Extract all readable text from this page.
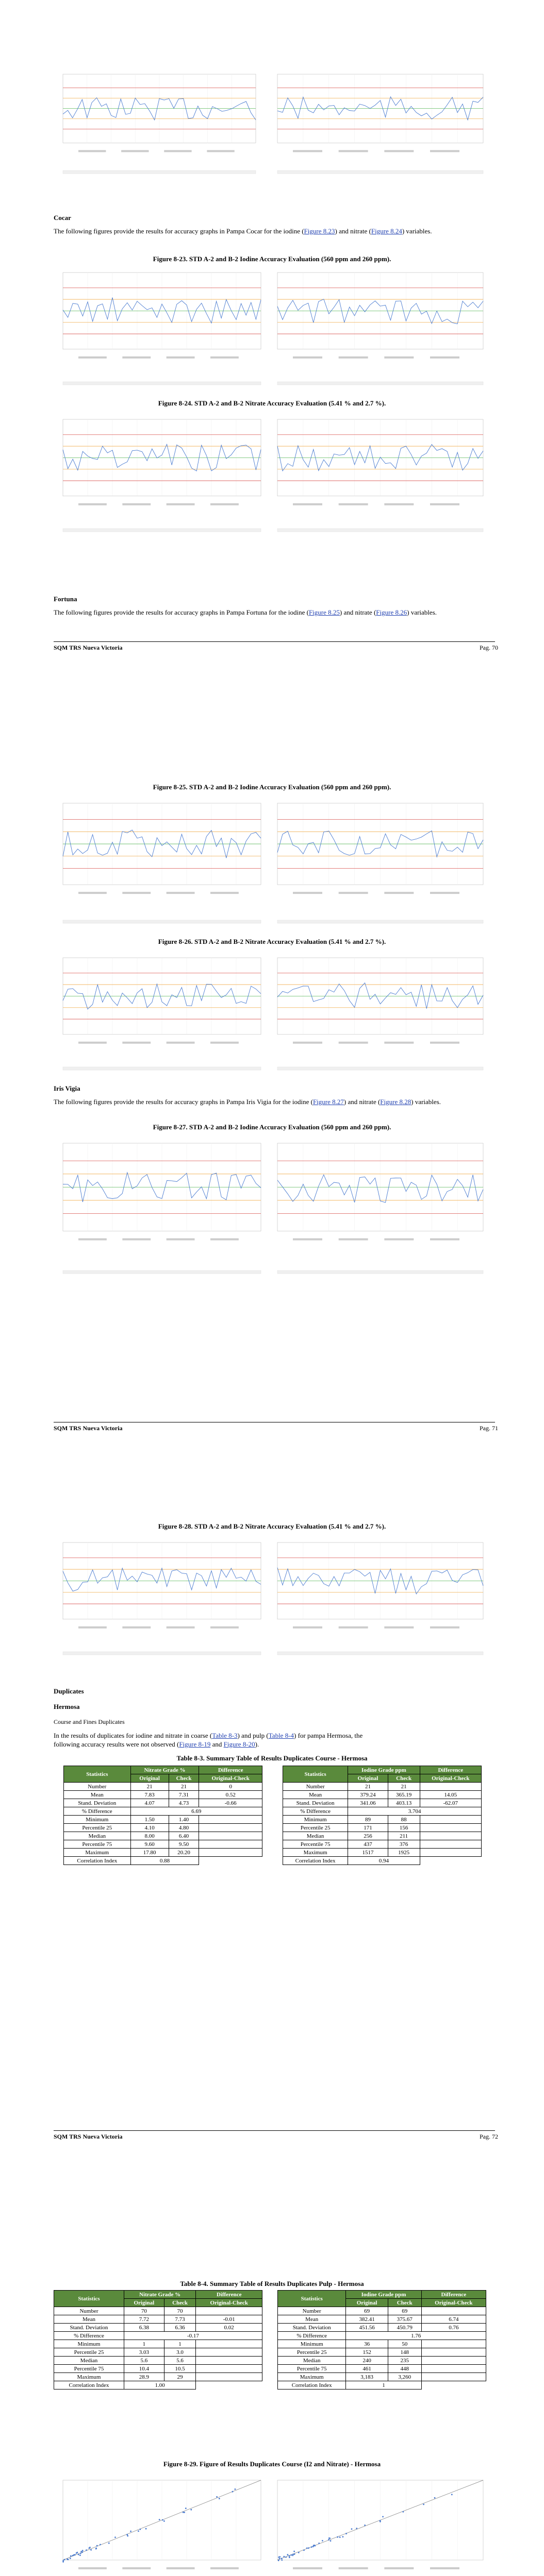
Cocar
The following figures provide the results for accuracy graphs in Pampa Cocar for the iodine (Figure 8.23) and nitrate (Figure 8.24) variables.
Figure 8-23. STD A-2 and B-2 Iodine Accuracy Evaluation (560 ppm and 260 ppm).
Figure 8-24. STD A-2 and B-2 Nitrate Accuracy Evaluation (5.41 % and 2.7 %).
Fortuna
The following figures provide the results for accuracy graphs in Pampa Fortuna for the iodine (Figure 8.25) and nitrate (Figure 8.26) variables.
SQM TRS Nueva Victoria	Pag. 70
Figure 8-25. STD A-2 and B-2 Iodine Accuracy Evaluation (560 ppm and 260 ppm).
Figure 8-26. STD A-2 and B-2 Nitrate Accuracy Evaluation (5.41 % and 2.7 %).
Iris Vigia
The following figures provide the results for accuracy graphs in Pampa Iris Vigia for the iodine (Figure 8.27) and nitrate (Figure 8.28) variables.
Figure 8-27. STD A-2 and B-2 Iodine Accuracy Evaluation (560 ppm and 260 ppm).
SQM TRS Nueva Victoria	Pag. 71
Figure 8-28. STD A-2 and B-2 Nitrate Accuracy Evaluation (5.41 % and 2.7 %).
Duplicates
Hermosa
Course and Fines Duplicates
In the results of duplicates for iodine and nitrate in coarse (Table 8-3) and pulp (Table 8-4) for pampa Hermosa, the
following accuracy results were not observed (Figure 8-19 and Figure 8-20).
Table 8-3. Summary Table of Results Duplicates Course - Hermosa
Statistics	Nitrate Grade %		Difference
	Original	Check	Original-Check
Number	21	21	0
Mean	7.83	7.31	0.52
Stand. Deviation	4.07	4.73	-0.66
% Difference	6.69		
Minimum	1.50	1.40	
Percentile 25	4.10	4.80	
Median	8.00	6.40	
Percentile 75	9.60	9.50	
Maximum	17.80	20.20	
Correlation Index	0.88		
Statistics	Iodine Grade ppm		Difference
	Original	Check	Original-Check
Number	21	21	
Mean	379.24	365.19	14.05
Stand. Deviation	341.06	403.13	-62.07
% Difference	3.704		
Minimum	89	88	
Percentile 25	171	156	
Median	256	211	
Percentile 75	437	376	
Maximum	1517	1925	
Correlation Index	0.94		
SQM TRS Nueva Victoria	Pag. 72
Table 8-4. Summary Table of Results Duplicates Pulp - Hermosa
Statistics	Nitrate Grade %		Difference
	Original	Check	Original-Check
Number	70	70	
Mean	7.72	7.73	-0.01
Stand. Deviation	6.38	6.36	0.02
% Difference	-0.17		
Minimum	1	1	
Percentile 25	3.03	3.0	
Median	5.6	5.6	
Percentile 75	10.4	10.5	
Maximum	28.9	29	
Correlation Index	1.00		
Statistics	Iodine Grade ppm		Difference
	Original	Check	Original-Check
Number	69	69	
Mean	382.41	375.67	6.74
Stand. Deviation	451.56	450.79	0.76
% Difference	1.76		
Minimum	36	50	
Percentile 25	152	148	
Median	240	235	
Percentile 75	461	448	
Maximum	3,183	3,260	
Correlation Index	1		
Figure 8-29. Figure of Results Duplicates Course (I2 and Nitrate) - Hermosa
